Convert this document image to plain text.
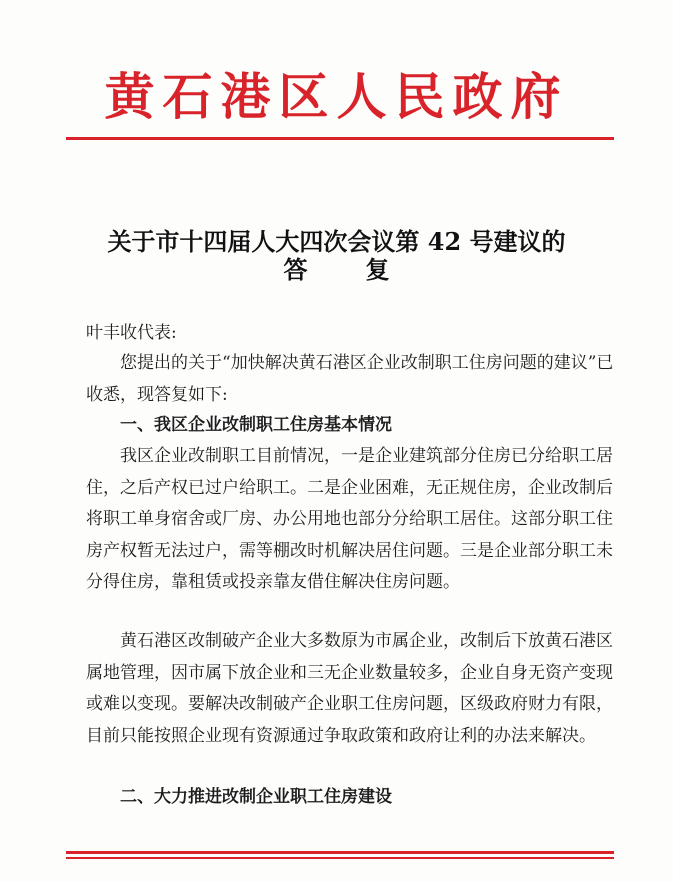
黄石港区人民政府
关于市十四届人大四次会议第 42 号建议的
答 复
叶丰收代表:
您提出的关于“加快解决黄石港区企业改制职工住房问题的建议”已收悉，现答复如下:
一、我区企业改制职工住房基本情况
我区企业改制职工目前情况，一是企业建筑部分住房已分给职工居住，之后产权已过户给职工。二是企业困难，无正规住房，企业改制后将职工单身宿舍或厂房、办公用地也部分分给职工居住。这部分职工住房产权暂无法过户，需等棚改时机解决居住问题。三是企业部分职工未分得住房，靠租赁或投亲靠友借住解决住房问题。
黄石港区改制破产企业大多数原为市属企业，改制后下放黄石港区属地管理，因市属下放企业和三无企业数量较多，企业自身无资产变现或难以变现。要解决改制破产企业职工住房问题，区级政府财力有限，目前只能按照企业现有资源通过争取政策和政府让利的办法来解决。
二、大力推进改制企业职工住房建设
